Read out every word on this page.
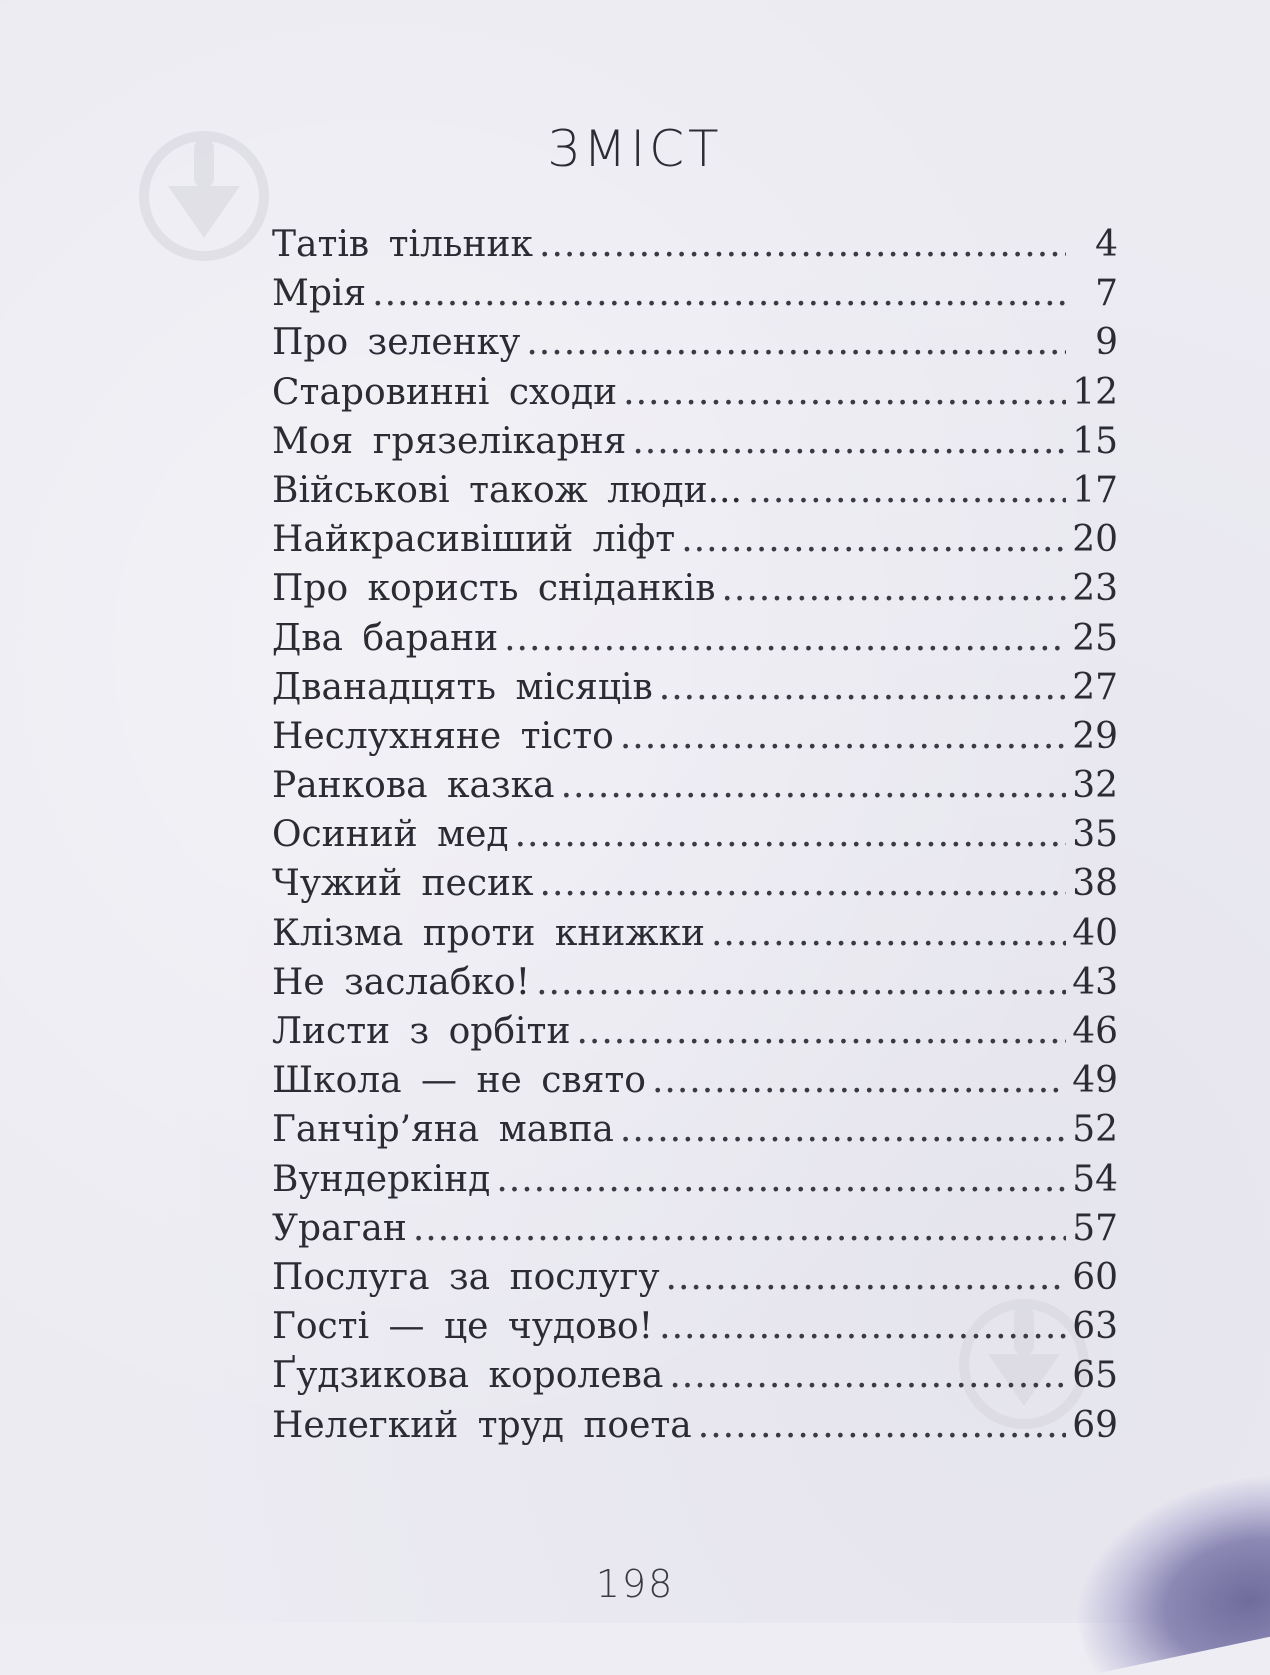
ЗМІСТ
Татів тільник .....	4
Мрія .....	7
Про зеленку .....	9
Старовинні сходи .....	12
Моя грязелікарня .....	15
Військові також люди... .....	17
Найкрасивіший ліфт .....	20
Про користь сніданків .....	23
Два барани .....	25
Дванадцять місяців .....	27
Неслухняне тісто .....	29
Ранкова казка .....	32
Осиний мед .....	35
Чужий песик .....	38
Клізма проти книжки .....	40
Не заслабко! .....	43
Листи з орбіти .....	46
Школа — не свято .....	49
Ганчір’яна мавпа .....	52
Вундеркінд .....	54
Ураган .....	57
Послуга за послугу .....	60
Гості — це чудово! .....	63
Ґудзикова королева .....	65
Нелегкий труд поета .....	69
198
